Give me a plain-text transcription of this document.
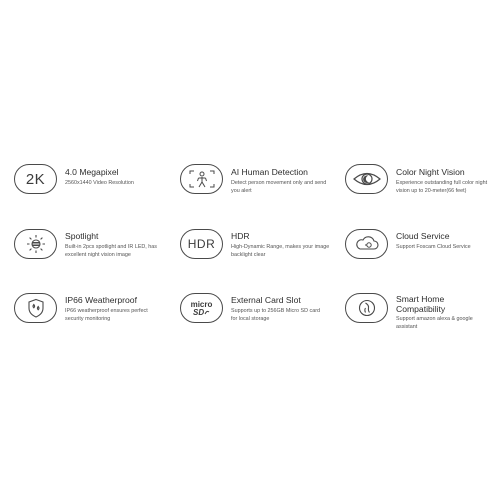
2K 4.0 Megapixel
2560x1440 Video Resolution
AI Human Detection
Detect person movement only and send you alert
Color Night Vision
Experience outstanding full color night vision up to 20-meter(66 feet)
Spotlight
Built-in 2pcs spotlight and IR LED, has excellent night vision image
HDR
HDR
High-Dynamic Range, makes your image backlight clear
Cloud Service
Support Foscam Cloud Service
IP66 Weatherproof
IP66 weatherproof ensures perfect security monitoring
micro
SD
External Card Slot
Supports up to 256GB Micro SD card for local storage
Smart Home Compatibility
Support amazon alexa & google assistant
